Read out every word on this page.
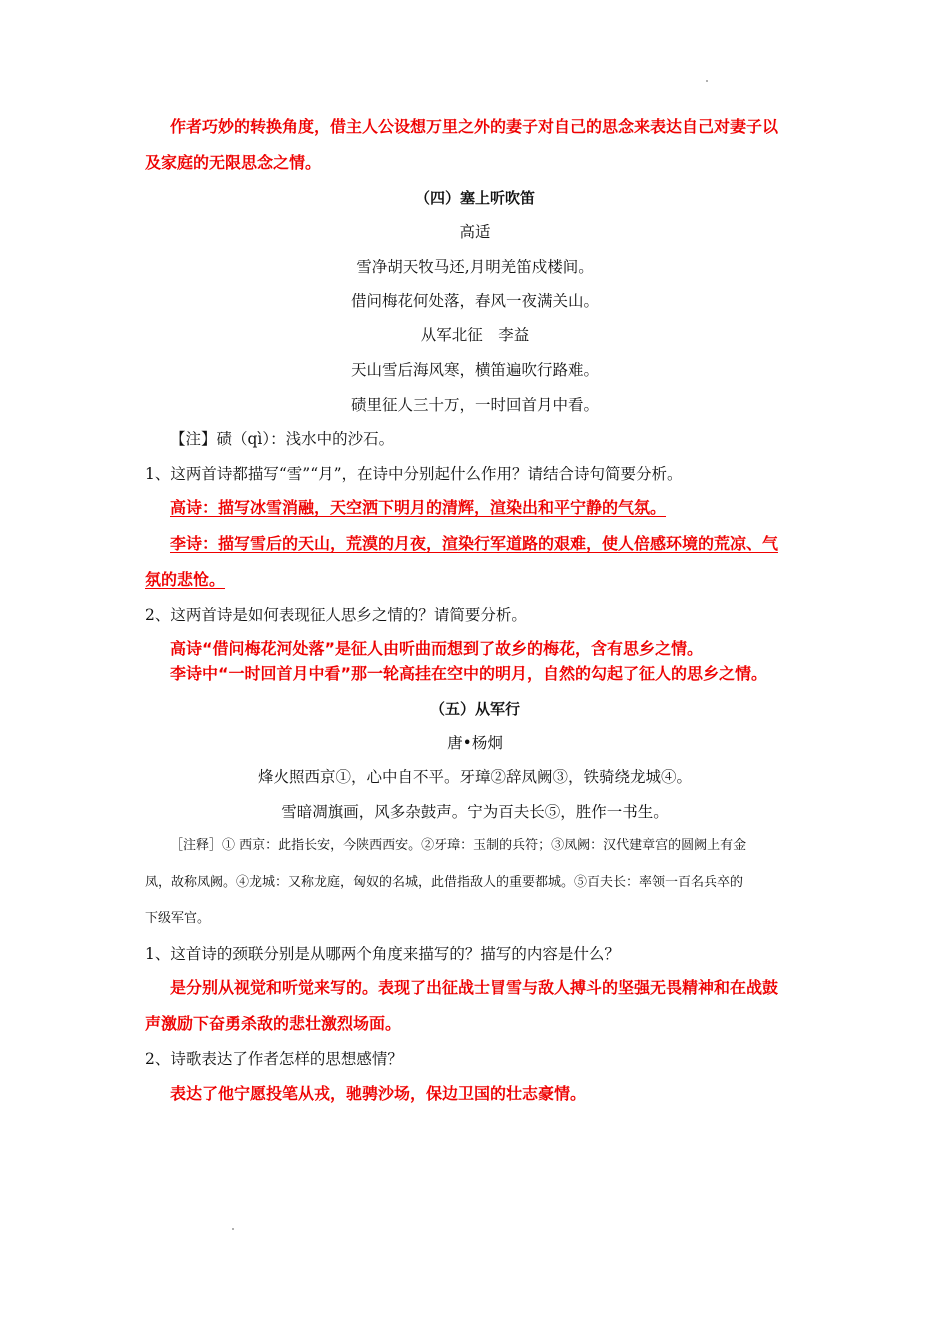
作者巧妙的转换角度，借主人公设想万里之外的妻子对自己的思念来表达自己对妻子以
及家庭的无限思念之情。
（四）塞上听吹笛
高适
雪净胡天牧马还,月明羌笛戍楼间。
借问梅花何处落，春风一夜满关山。
从军北征　李益
天山雪后海风寒，横笛遍吹行路难。
碛里征人三十万，一时回首月中看。
【注】碛（qì）：浅水中的沙石。
1、这两首诗都描写“雪”“月”，在诗中分别起什么作用？请结合诗句简要分析。
高诗：描写冰雪消融，天空洒下明月的清辉，渲染出和平宁静的气氛。
李诗：描写雪后的天山，荒漠的月夜，渲染行军道路的艰难，使人倍感环境的荒凉、气
氛的悲怆。
2、这两首诗是如何表现征人思乡之情的？请简要分析。
高诗“借问梅花河处落”是征人由听曲而想到了故乡的梅花，含有思乡之情。
李诗中“一时回首月中看”那一轮高挂在空中的明月，自然的勾起了征人的思乡之情。
（五）从军行
唐•杨炯
烽火照西京①，心中自不平。牙璋②辞凤阙③，铁骑绕龙城④。
雪暗凋旗画，风多杂鼓声。宁为百夫长⑤，胜作一书生。
［注释］① 西京：此指长安，今陕西西安。②牙璋：玉制的兵符；③凤阙：汉代建章宫的圆阙上有金
凤，故称凤阙。④龙城：又称龙庭，匈奴的名城，此借指敌人的重要都城。⑤百夫长：率领一百名兵卒的
下级军官。
1、这首诗的颈联分别是从哪两个角度来描写的？描写的内容是什么？
是分别从视觉和听觉来写的。表现了出征战士冒雪与敌人搏斗的坚强无畏精神和在战鼓
声激励下奋勇杀敌的悲壮激烈场面。
2、诗歌表达了作者怎样的思想感情？
表达了他宁愿投笔从戎，驰骋沙场，保边卫国的壮志豪情。
